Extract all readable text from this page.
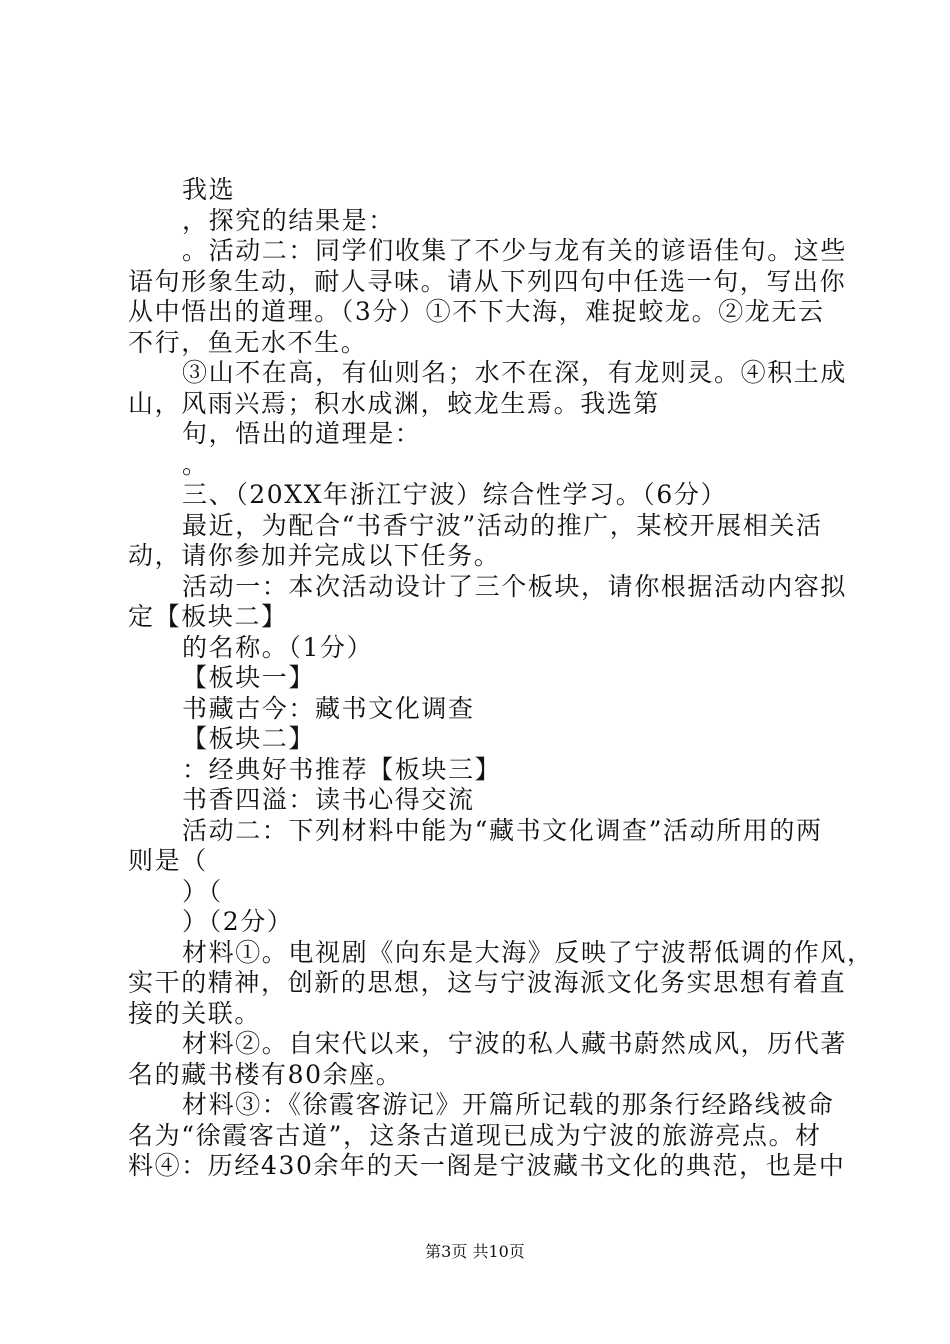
我选
，探究的结果是：
。活动二：同学们收集了不少与龙有关的谚语佳句。这些
语句形象生动，耐人寻味。请从下列四句中任选一句，写出你
从中悟出的道理。（3分）①不下大海，难捉蛟龙。②龙无云
不行，鱼无水不生。
③山不在高，有仙则名；水不在深，有龙则灵。④积土成
山，风雨兴焉；积水成渊，蛟龙生焉。我选第
句，悟出的道理是：
。
三、（20XX年浙江宁波）综合性学习。（6分）
最近，为配合“书香宁波”活动的推广，某校开展相关活
动，请你参加并完成以下任务。
活动一：本次活动设计了三个板块，请你根据活动内容拟
定【板块二】
的名称。（1分）
【板块一】
书藏古今：藏书文化调查
【板块二】
：经典好书推荐【板块三】
书香四溢：读书心得交流
活动二：下列材料中能为“藏书文化调查”活动所用的两
则是（
）（
）（2分）
材料①。电视剧《向东是大海》反映了宁波帮低调的作风，
实干的精神，创新的思想，这与宁波海派文化务实思想有着直
接的关联。
材料②。自宋代以来，宁波的私人藏书蔚然成风，历代著
名的藏书楼有80余座。
材料③：《徐霞客游记》开篇所记载的那条行经路线被命
名为“徐霞客古道”，这条古道现已成为宁波的旅游亮点。材
料④：历经430余年的天一阁是宁波藏书文化的典范，也是中
第3页 共10页
